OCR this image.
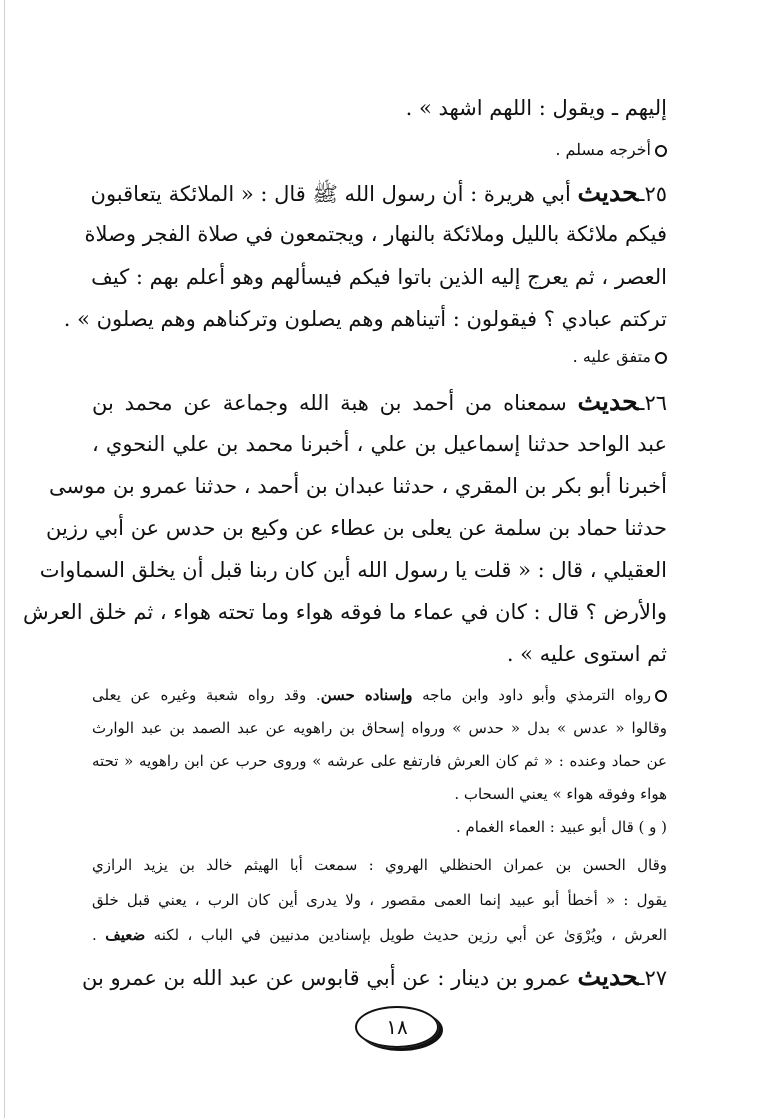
إليهم ـ ويقول : اللهم اشهد » .
أخرجه مسلم .
٢٥ـحديث أبي هريرة : أن رسول الله ﷺ قال : « الملائكة يتعاقبون
فيكم ملائكة بالليل وملائكة بالنهار ، ويجتمعون في صلاة الفجر وصلاة
العصر ، ثم يعرج إليه الذين باتوا فيكم فيسألهم وهو أعلم بهم : كيف
تركتم عبادي ؟ فيقولون : أتيناهم وهم يصلون وتركناهم وهم يصلون » .
متفق عليه .
٢٦ـحديث سمعناه من أحمد بن هبة الله وجماعة عن محمد بن
عبد الواحد حدثنا إسماعيل بن علي ، أخبرنا محمد بن علي النحوي ،
أخبرنا أبو بكر بن المقري ، حدثنا عبدان بن أحمد ، حدثنا عمرو بن موسى
حدثنا حماد بن سلمة عن يعلى بن عطاء عن وكيع بن حدس عن أبي رزين
العقيلي ، قال : « قلت يا رسول الله أين كان ربنا قبل أن يخلق السماوات
والأرض ؟ قال : كان في عماء ما فوقه هواء وما تحته هواء ، ثم خلق العرش
ثم استوى عليه » .
رواه الترمذي وأبو داود وابن ماجه وإسناده حسن. وقد رواه شعبة وغيره عن يعلى
وقالوا « عدس » بدل « حدس » ورواه إسحاق بن راهويه عن عبد الصمد بن عبد الوارث
عن حماد وعنده : « ثم كان العرش فارتفع على عرشه » وروى حرب عن ابن راهويه « تحته
هواء وفوقه هواء » يعني السحاب .
( و ) قال أبو عبيد : العماء الغمام .
وقال الحسن بن عمران الحنظلي الهروي : سمعت أبا الهيثم خالد بن يزيد الرازي
يقول : « أخطأ أبو عبيد إنما العمى مقصور ، ولا يدرى أين كان الرب ، يعني قبل خلق
العرش ، ويُرْوَىٰ عن أبي رزين حديث طويل بإسنادين مدنيين في الباب ، لكنه ضعيف .
٢٧ـحديث عمرو بن دينار : عن أبي قابوس عن عبد الله بن عمرو بن
١٨
